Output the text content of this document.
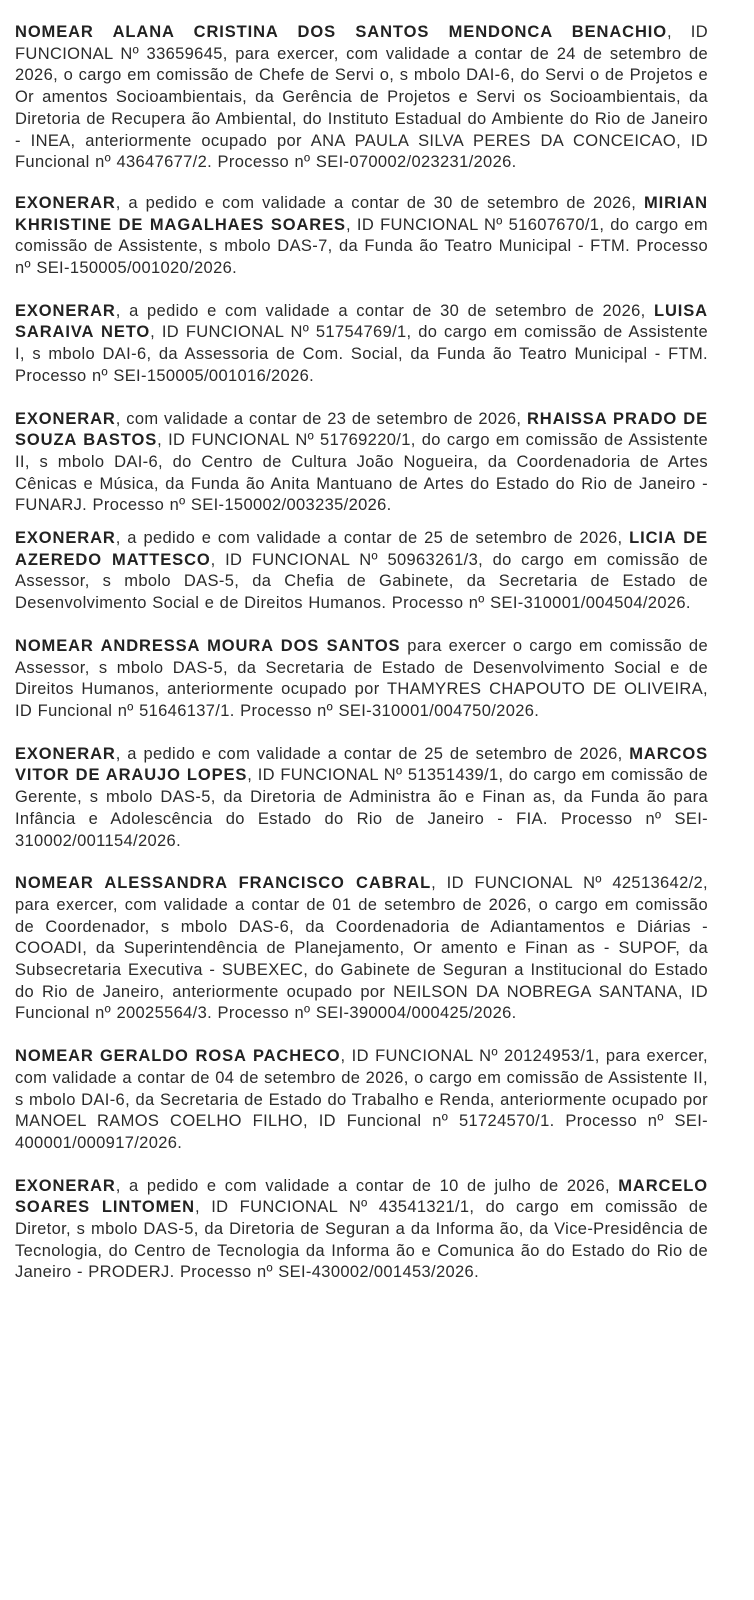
NOMEAR ALANA CRISTINA DOS SANTOS MENDONCA BENACHIO, ID FUNCIONAL Nº 33659645, para exercer, com validade a contar de 24 de setembro de 2026, o cargo em comissão de Chefe de Servi o, s mbolo DAI-6, do Servi o de Projetos e Or amentos Socioambientais, da Gerência de Projetos e Servi os Socioambientais, da Diretoria de Recupera ão Ambiental, do Instituto Estadual do Ambiente do Rio de Janeiro - INEA, anteriormente ocupado por ANA PAULA SILVA PERES DA CONCEICAO, ID Funcional nº 43647677/2. Processo nº SEI-070002/023231/2026.

EXONERAR, a pedido e com validade a contar de 30 de setembro de 2026, MIRIAN KHRISTINE DE MAGALHAES SOARES, ID FUNCIONAL Nº 51607670/1, do cargo em comissão de Assistente, s mbolo DAS-7, da Funda ão Teatro Municipal - FTM. Processo nº SEI-150005/001020/2026.

EXONERAR, a pedido e com validade a contar de 30 de setembro de 2026, LUISA SARAIVA NETO, ID FUNCIONAL Nº 51754769/1, do cargo em comissão de Assistente I, s mbolo DAI-6, da Assessoria de Com. Social, da Funda ão Teatro Municipal - FTM. Processo nº SEI-150005/001016/2026.

EXONERAR, com validade a contar de 23 de setembro de 2026, RHAISSA PRADO DE SOUZA BASTOS, ID FUNCIONAL Nº 51769220/1, do cargo em comissão de Assistente II, s mbolo DAI-6, do Centro de Cultura João Nogueira, da Coordenadoria de Artes Cênicas e Música, da Funda ão Anita Mantuano de Artes do Estado do Rio de Janeiro - FUNARJ. Processo nº SEI-150002/003235/2026.

EXONERAR, a pedido e com validade a contar de 25 de setembro de 2026, LICIA DE AZEREDO MATTESCO, ID FUNCIONAL Nº 50963261/3, do cargo em comissão de Assessor, s mbolo DAS-5, da Chefia de Gabinete, da Secretaria de Estado de Desenvolvimento Social e de Direitos Humanos. Processo nº SEI-310001/004504/2026.

NOMEAR ANDRESSA MOURA DOS SANTOS para exercer o cargo em comissão de Assessor, s mbolo DAS-5, da Secretaria de Estado de Desenvolvimento Social e de Direitos Humanos, anteriormente ocupado por THAMYRES CHAPOUTO DE OLIVEIRA, ID Funcional nº 51646137/1. Processo nº SEI-310001/004750/2026.

EXONERAR, a pedido e com validade a contar de 25 de setembro de 2026, MARCOS VITOR DE ARAUJO LOPES, ID FUNCIONAL Nº 51351439/1, do cargo em comissão de Gerente, s mbolo DAS-5, da Diretoria de Administra ão e Finan as, da Funda ão para Infância e Adolescência do Estado do Rio de Janeiro - FIA. Processo nº SEI-310002/001154/2026.

NOMEAR ALESSANDRA FRANCISCO CABRAL, ID FUNCIONAL Nº 42513642/2, para exercer, com validade a contar de 01 de setembro de 2026, o cargo em comissão de Coordenador, s mbolo DAS-6, da Coordenadoria de Adiantamentos e Diárias - COOADI, da Superintendência de Planejamento, Or amento e Finan as - SUPOF, da Subsecretaria Executiva - SUBEXEC, do Gabinete de Seguran a Institucional do Estado do Rio de Janeiro, anteriormente ocupado por NEILSON DA NOBREGA SANTANA, ID Funcional nº 20025564/3. Processo nº SEI-390004/000425/2026.

NOMEAR GERALDO ROSA PACHECO, ID FUNCIONAL Nº 20124953/1, para exercer, com validade a contar de 04 de setembro de 2026, o cargo em comissão de Assistente II, s mbolo DAI-6, da Secretaria de Estado do Trabalho e Renda, anteriormente ocupado por MANOEL RAMOS COELHO FILHO, ID Funcional nº 51724570/1. Processo nº SEI-400001/000917/2026.

EXONERAR, a pedido e com validade a contar de 10 de julho de 2026, MARCELO SOARES LINTOMEN, ID FUNCIONAL Nº 43541321/1, do cargo em comissão de Diretor, s mbolo DAS-5, da Diretoria de Seguran a da Informa ão, da Vice-Presidência de Tecnologia, do Centro de Tecnologia da Informa ão e Comunica ão do Estado do Rio de Janeiro - PRODERJ. Processo nº SEI-430002/001453/2026.
